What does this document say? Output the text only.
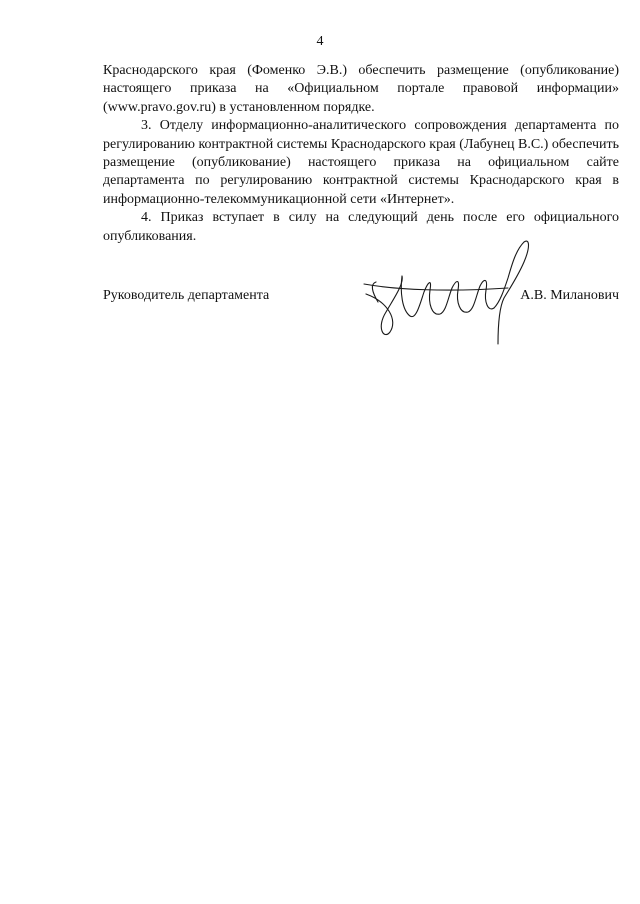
4

Краснодарского края (Фоменко Э.В.) обеспечить размещение (опубликование) настоящего приказа на «Официальном портале правовой информации» (www.pravo.gov.ru) в установленном порядке.

3. Отделу информационно-аналитического сопровождения департамента по регулированию контрактной системы Краснодарского края (Лабунец В.С.) обеспечить размещение (опубликование) настоящего приказа на официальном сайте департамента по регулированию контрактной системы Краснодарского края в информационно-телекоммуникационной сети «Интернет».

4. Приказ вступает в силу на следующий день после его официального опубликования.

Руководитель департамента	А.В. Миланович
